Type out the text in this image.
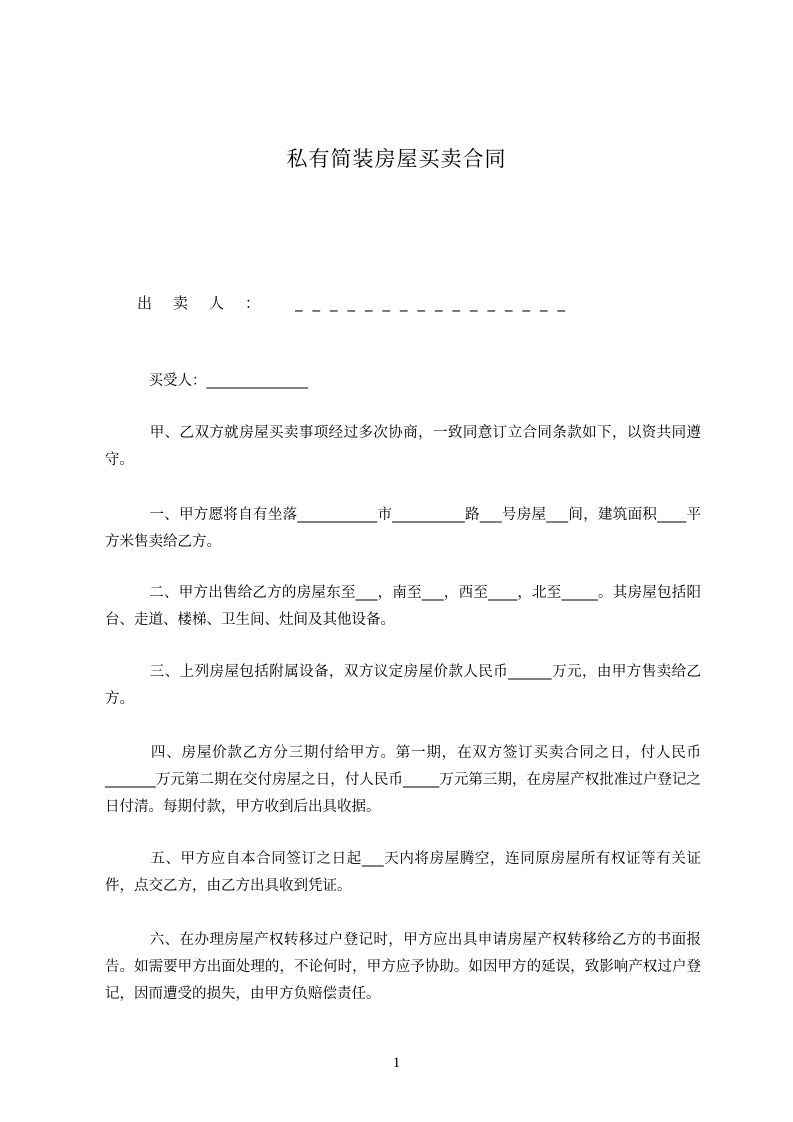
私有简装房屋买卖合同
出卖人： ________________
　　　买受人：______________
　　　甲、乙双方就房屋买卖事项经过多次协商，一致同意订立合同条款如下，以资共同遵守。
　　　一、甲方愿将自有坐落___________市__________路___号房屋___间，建筑面积____平方米售卖给乙方。
　　　二、甲方出售给乙方的房屋东至___，南至___，西至____，北至_____。其房屋包括阳台、走道、楼梯、卫生间、灶间及其他设备。
　　　三、上列房屋包括附属设备，双方议定房屋价款人民币______万元，由甲方售卖给乙方。
　　　四、房屋价款乙方分三期付给甲方。第一期，在双方签订买卖合同之日，付人民币_______万元第二期在交付房屋之日，付人民币_____万元第三期，在房屋产权批准过户登记之日付清。每期付款，甲方收到后出具收据。
　　　五、甲方应自本合同签订之日起___天内将房屋腾空，连同原房屋所有权证等有关证件，点交乙方，由乙方出具收到凭证。
　　　六、在办理房屋产权转移过户登记时，甲方应出具申请房屋产权转移给乙方的书面报告。如需要甲方出面处理的，不论何时，甲方应予协助。如因甲方的延误，致影响产权过户登记，因而遭受的损失，由甲方负赔偿责任。
1
